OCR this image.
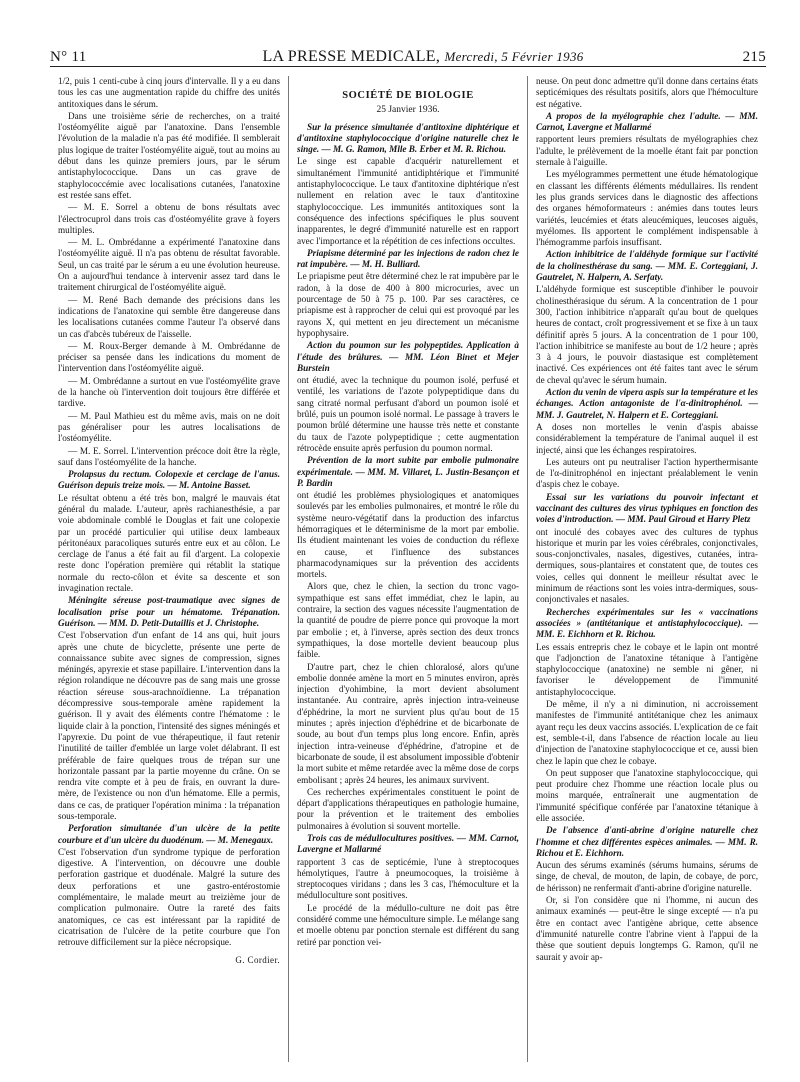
N° 11	LA PRESSE MEDICALE, Mercredi, 5 Février 1936	215

1/2, puis 1 centi-cube à cinq jours d'intervalle. Il y a eu dans tous les cas une augmentation rapide du chiffre des unités antitoxiques dans le sérum.

Dans une troisième série de recherches, on a traité l'ostéomyélite aiguë par l'anatoxine. Dans l'ensemble l'évolution de la maladie n'a pas été modifiée. Il semblerait plus logique de traiter l'ostéomyélite aiguë, tout au moins au début dans les quinze premiers jours, par le sérum antistaphylococcique. Dans un cas grave de staphylococcémie avec localisations cutanées, l'anatoxine est restée sans effet.

— M. E. Sorrel a obtenu de bons résultats avec l'électrocuprol dans trois cas d'ostéomyélite grave à foyers multiples.

— M. L. Ombrédanne a expérimenté l'anatoxine dans l'ostéomyélite aiguë. Il n'a pas obtenu de résultat favorable. Seul, un cas traité par le sérum a eu une évolution heureuse. On a aujourd'hui tendance à intervenir assez tard dans le traitement chirurgical de l'ostéomyélite aiguë.

— M. René Bach demande des précisions dans les indications de l'anatoxine qui semble être dangereuse dans les localisations cutanées comme l'auteur l'a observé dans un cas d'abcès tubéreux de l'aisselle.

— M. Roux-Berger demande à M. Ombrédanne de préciser sa pensée dans les indications du moment de l'intervention dans l'ostéomyélite aiguë.

— M. Ombrédanne a surtout en vue l'ostéomyélite grave de la hanche où l'intervention doit toujours être différée et tardive.

— M. Paul Mathieu est du même avis, mais on ne doit pas généraliser pour les autres localisations de l'ostéomyélite.

— M. E. Sorrel. L'intervention précoce doit être la règle, sauf dans l'ostéomyélite de la hanche.

Prolapsus du rectum. Colopexie et cerclage de l'anus. Guérison depuis treize mois. — M. Antoine Basset.

Le résultat obtenu a été très bon, malgré le mauvais état général du malade. L'auteur, après rachianesthésie, a par voie abdominale comblé le Douglas et fait une colopexie par un procédé particulier qui utilise deux lambeaux péritonéaux paracoliques suturés entre eux et au côlon. Le cerclage de l'anus a été fait au fil d'argent. La colopexie reste donc l'opération première qui rétablit la statique normale du recto-côlon et évite sa descente et son invagination rectale.

Méningite séreuse post-traumatique avec signes de localisation prise pour un hématome. Trépanation. Guérison. — MM. D. Petit-Dutaillis et J. Christophe.

C'est l'observation d'un enfant de 14 ans qui, huit jours après une chute de bicyclette, présente une perte de connaissance subite avec signes de compression, signes méningés, apyrexie et stase papillaire. L'intervention dans la région rolandique ne découvre pas de sang mais une grosse réaction séreuse sous-arachnoïdienne. La trépanation décompressive sous-temporale amène rapidement la guérison. Il y avait des éléments contre l'hématome : le liquide clair à la ponction, l'intensité des signes méningés et l'apyrexie. Du point de vue thérapeutique, il faut retenir l'inutilité de tailler d'emblée un large volet délabrant. Il est préférable de faire quelques trous de trépan sur une horizontale passant par la partie moyenne du crâne. On se rendra vite compte et à peu de frais, en ouvrant la dure-mère, de l'existence ou non d'un hématome. Elle a permis, dans ce cas, de pratiquer l'opération minima : la trépanation sous-temporale.

Perforation simultanée d'un ulcère de la petite courbure et d'un ulcère du duodénum. — M. Menegaux.

C'est l'observation d'un syndrome typique de perforation digestive. A l'intervention, on découvre une double perforation gastrique et duodénale. Malgré la suture des deux perforations et une gastro-entérostomie complémentaire, le malade meurt au treizième jour de complication pulmonaire. Outre la rareté des faits anatomiques, ce cas est intéressant par la rapidité de cicatrisation de l'ulcère de la petite courbure que l'on retrouve difficilement sur la pièce nécropsique.

G. Cordier.
SOCIÉTÉ DE BIOLOGIE
25 Janvier 1936.

Sur la présence simultanée d'antitoxine diphtérique et d'antitoxine staphylococcique d'origine naturelle chez le singe. — M. G. Ramon, Mlle B. Erber et M. R. Richou.

Le singe est capable d'acquérir naturellement et simultanément l'immunité antidiphtérique et l'immunité antistaphylococcique. Le taux d'antitoxine diphtérique n'est nullement en relation avec le taux d'antitoxine staphylococcique. Les immunités antitoxiques sont la conséquence des infections spécifiques le plus souvent inapparentes, le degré d'immunité naturelle est en rapport avec l'importance et la répétition de ces infections occultes.

Priapisme déterminé par les injections de radon chez le rat impubère. — M. H. Bulliard.

Le priapisme peut être déterminé chez le rat impubère par le radon, à la dose de 400 à 800 microcuries, avec un pourcentage de 50 à 75 p. 100. Par ses caractères, ce priapisme est à rapprocher de celui qui est provoqué par les rayons X, qui mettent en jeu directement un mécanisme hypophysaire.

Action du poumon sur les polypeptides. Application à l'étude des brûlures. — MM. Léon Binet et Mejer Burstein

ont étudié, avec la technique du poumon isolé, perfusé et ventilé, les variations de l'azote polypeptidique dans du sang citraté normal perfusant d'abord un poumon isolé et brûlé, puis un poumon isolé normal. Le passage à travers le poumon brûlé détermine une hausse très nette et constante du taux de l'azote polypeptidique ; cette augmentation rétrocède ensuite après perfusion du poumon normal.

Prévention de la mort subite par embolie pulmonaire expérimentale. — MM. M. Villaret, L. Justin-Besançon et P. Bardin

ont étudié les problèmes physiologiques et anatomiques soulevés par les embolies pulmonaires, et montré le rôle du système neuro-végétatif dans la production des infarctus hémorragiques et le déterminisme de la mort par embolie. Ils étudient maintenant les voies de conduction du réflexe en cause, et l'influence des substances pharmacodynamiques sur la prévention des accidents mortels.

Alors que, chez le chien, la section du tronc vago-sympathique est sans effet immédiat, chez le lapin, au contraire, la section des vagues nécessite l'augmentation de la quantité de poudre de pierre ponce qui provoque la mort par embolie ; et, à l'inverse, après section des deux troncs sympathiques, la dose mortelle devient beaucoup plus faible.

D'autre part, chez le chien chloralosé, alors qu'une embolie donnée amène la mort en 5 minutes environ, après injection d'yohimbine, la mort devient absolument instantanée. Au contraire, après injection intra-veineuse d'éphédrine, la mort ne survient plus qu'au bout de 15 minutes ; après injection d'éphédrine et de bicarbonate de soude, au bout d'un temps plus long encore. Enfin, après injection intra-veineuse d'éphédrine, d'atropine et de bicarbonate de soude, il est absolument impossible d'obtenir la mort subite et même retardée avec la même dose de corps embolisant ; après 24 heures, les animaux survivent.

Ces recherches expérimentales constituent le point de départ d'applications thérapeutiques en pathologie humaine, pour la prévention et le traitement des embolies pulmonaires à évolution si souvent mortelle.

Trois cas de médullocultures positives. — MM. Carnot, Lavergne et Mallarmé

rapportent 3 cas de septicémie, l'une à streptocoques hémolytiques, l'autre à pneumocoques, la troisième à streptocoques viridans ; dans les 3 cas, l'hémoculture et la médulloculture sont positives.

Le procédé de la médullo-culture ne doit pas être considéré comme une hémoculture simple. Le mélange sang et moelle obtenu par ponction sternale est différent du sang retiré par ponction vei-

neuse. On peut donc admettre qu'il donne dans certains états septicémiques des résultats positifs, alors que l'hémoculture est négative.

A propos de la myélographie chez l'adulte. — MM. Carnot, Lavergne et Mallarmé

rapportent leurs premiers résultats de myélographies chez l'adulte, le prélèvement de la moelle étant fait par ponction sternale à l'aiguille.

Les myélogrammes permettent une étude hématologique en classant les différents éléments médullaires. Ils rendent les plus grands services dans le diagnostic des affections des organes hémoformateurs : anémies dans toutes leurs variétés, leucémies et états aleucémiques, leucoses aiguës, myélomes. Ils apportent le complément indispensable à l'hémogramme parfois insuffisant.

Action inhibitrice de l'aldéhyde formique sur l'activité de la cholinesthérase du sang. — MM. E. Corteggiani, J. Gautrelet, N. Halpern, A. Serfaty.

L'aldéhyde formique est susceptible d'inhiber le pouvoir cholinesthérasique du sérum. A la concentration de 1 pour 300, l'action inhibitrice n'apparaît qu'au bout de quelques heures de contact, croît progressivement et se fixe à un taux définitif après 5 jours. A la concentration de 1 pour 100, l'action inhibitrice se manifeste au bout de 1/2 heure ; après 3 à 4 jours, le pouvoir diastasique est complètement inactivé. Ces expériences ont été faites tant avec le sérum de cheval qu'avec le sérum humain.

Action du venin de vipera aspis sur la température et les échanges. Action antagoniste de l'α-dinitrophénol. — MM. J. Gautrelet, N. Halpern et E. Corteggiani.

A doses non mortelles le venin d'aspis abaisse considérablement la température de l'animal auquel il est injecté, ainsi que les échanges respiratoires.

Les auteurs ont pu neutraliser l'action hyperthermisante de l'α-dinitrophénol en injectant préalablement le venin d'aspis chez le cobaye.

Essai sur les variations du pouvoir infectant et vaccinant des cultures des virus typhiques en fonction des voies d'introduction. — MM. Paul Giroud et Harry Pletz

ont inoculé des cobayes avec des cultures de typhus historique et murin par les voies cérébrales, conjonctivales, sous-conjonctivales, nasales, digestives, cutanées, intra-dermiques, sous-plantaires et constatent que, de toutes ces voies, celles qui donnent le meilleur résultat avec le minimum de réactions sont les voies intra-dermiques, sous-conjonctivales et nasales.

Recherches expérimentales sur les « vaccinations associées » (antitétanique et antistaphylococcique). — MM. E. Eichhorn et R. Richou.

Les essais entrepris chez le cobaye et le lapin ont montré que l'adjonction de l'anatoxine tétanique à l'antigène staphylococcique (anatoxine) ne semble ni gêner, ni favoriser le développement de l'immunité antistaphylococcique.

De même, il n'y a ni diminution, ni accroissement manifestes de l'immunité antitétanique chez les animaux ayant reçu les deux vaccins associés. L'explication de ce fait est, semble-t-il, dans l'absence de réaction locale au lieu d'injection de l'anatoxine staphylococcique et ce, aussi bien chez le lapin que chez le cobaye.

On peut supposer que l'anatoxine staphylococcique, qui peut produire chez l'homme une réaction locale plus ou moins marquée, entraînerait une augmentation de l'immunité spécifique conférée par l'anatoxine tétanique à elle associée.

De l'absence d'anti-abrine d'origine naturelle chez l'homme et chez différentes espèces animales. — MM. R. Richou et E. Eichhorn.

Aucun des sérums examinés (sérums humains, sérums de singe, de cheval, de mouton, de lapin, de cobaye, de porc, de hérisson) ne renfermait d'anti-abrine d'origine naturelle.

Or, si l'on considère que ni l'homme, ni aucun des animaux examinés — peut-être le singe excepté — n'a pu être en contact avec l'antigène abrique, cette absence d'immunité naturelle contre l'abrine vient à l'appui de la thèse que soutient depuis longtemps G. Ramon, qu'il ne saurait y avoir ap-
